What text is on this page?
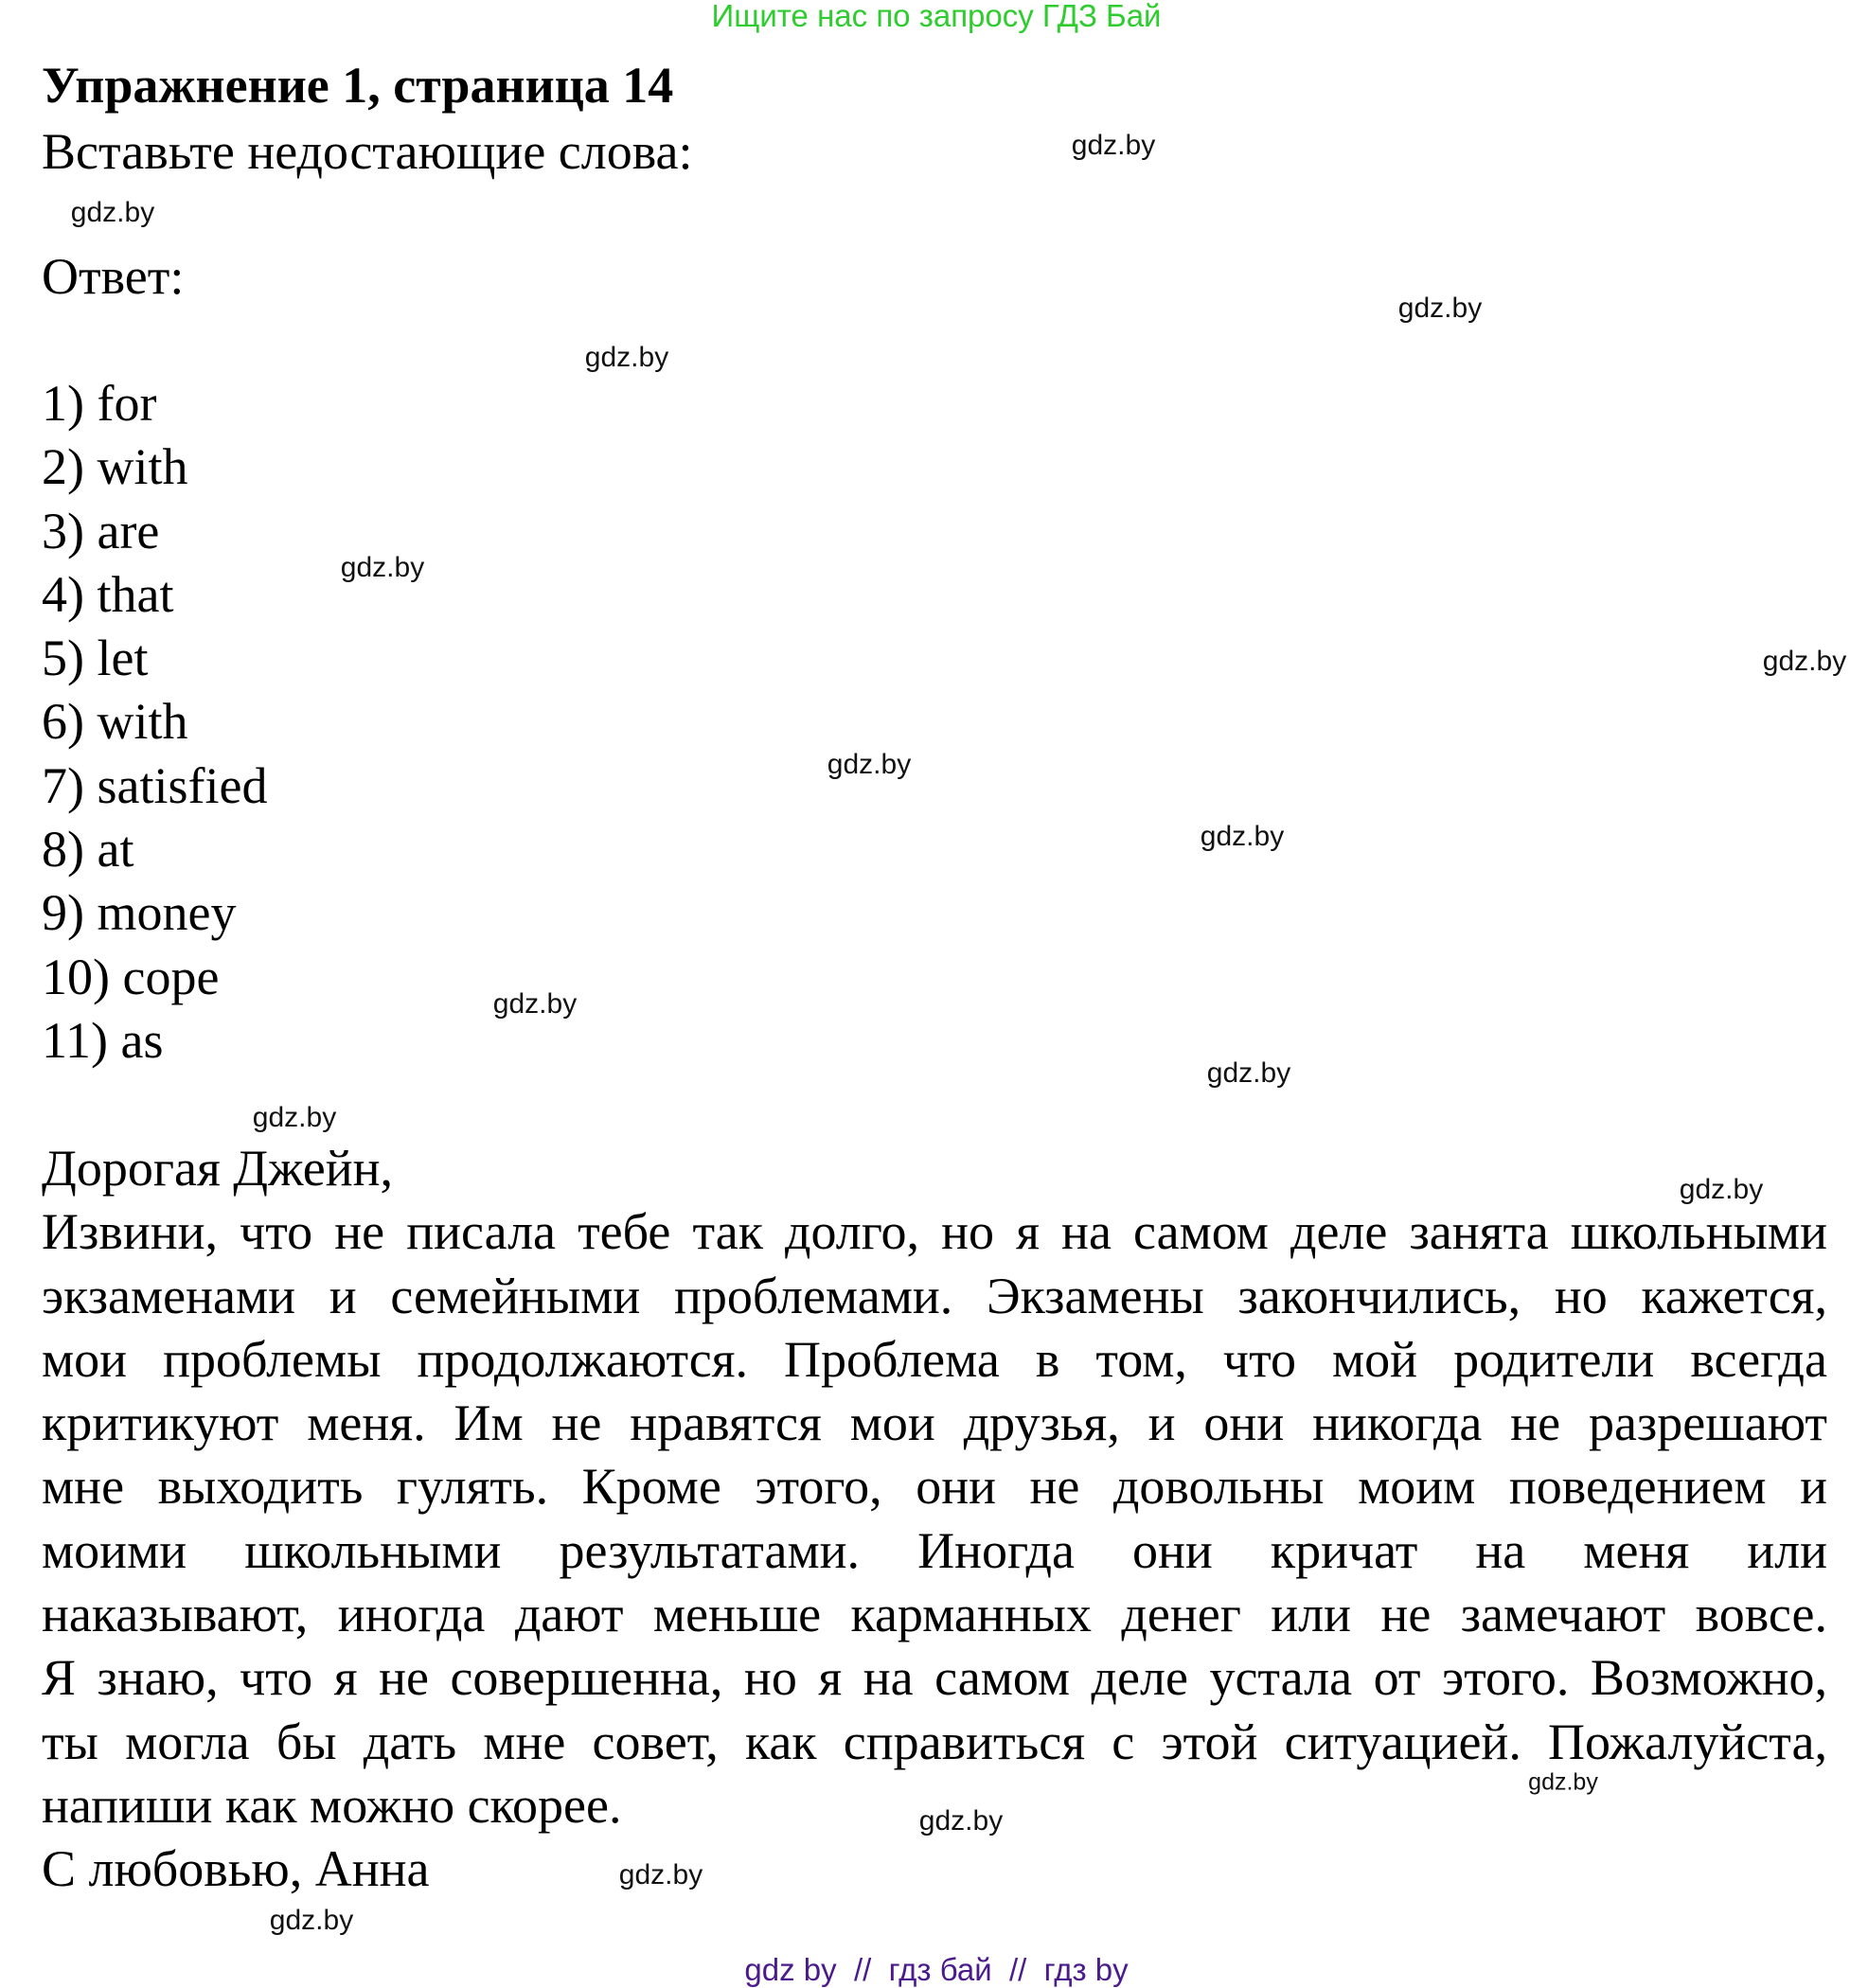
Ищите нас по запросу ГДЗ Бай
Упражнение 1, страница 14
Вставьте недостающие слова:
Ответ:
1) for
2) with
3) are
4) that
5) let
6) with
7) satisfied
8) at
9) money
10) cope
11) as
Дорогая Джейн,
Извини, что не писала тебе так долго, но я на самом деле занята школьными
экзаменами и семейными проблемами. Экзамены закончились, но кажется,
мои проблемы продолжаются. Проблема в том, что мой родители всегда
критикуют меня. Им не нравятся мои друзья, и они никогда не разрешают
мне выходить гулять. Кроме этого, они не довольны моим поведением и
моими школьными результатами. Иногда они кричат на меня или
наказывают, иногда дают меньше карманных денег или не замечают вовсе.
Я знаю, что я не совершенна, но я на самом деле устала от этого. Возможно,
ты могла бы дать мне совет, как справиться с этой ситуацией. Пожалуйста,
напиши как можно скорее.
С любовью, Анна
gdz.by
gdz.by
gdz.by
gdz.by
gdz.by
gdz.by
gdz.by
gdz.by
gdz.by
gdz.by
gdz.by
gdz.by
gdz.by
gdz.by
gdz.by
gdz.by
gdz by  //  гдз бай  //  гдз by
